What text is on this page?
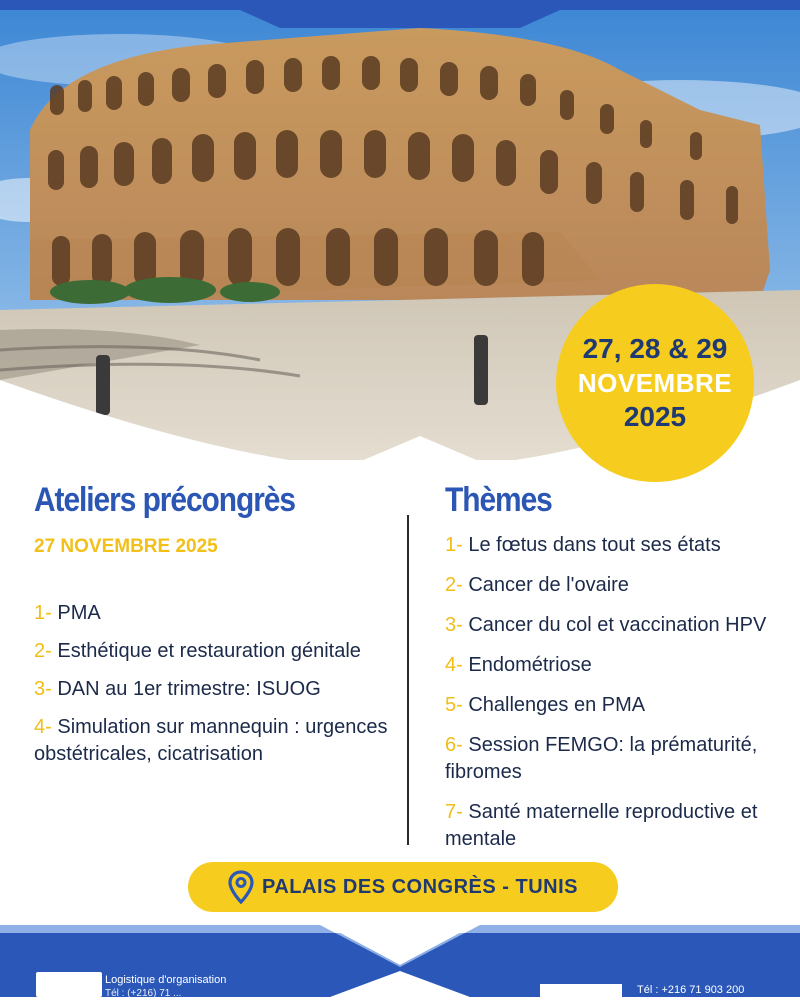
27, 28 & 29
NOVEMBRE
2025
Ateliers précongrès
27 NOVEMBRE 2025
1- PMA
2- Esthétique et restauration génitale
3- DAN au 1er trimestre: ISUOG
4- Simulation sur mannequin : urgences obstétricales, cicatrisation
Thèmes
1- Le fœtus dans tout ses états
2- Cancer de l'ovaire
3- Cancer du col et vaccination HPV
4- Endométriose
5- Challenges en PMA
6- Session FEMGO: la prématurité, fibromes
7- Santé maternelle reproductive et mentale
PALAIS DES CONGRÈS - TUNIS
Logistique d'organisation
Tél : (+216) 71 ...	Tél : +216 71 903 200
